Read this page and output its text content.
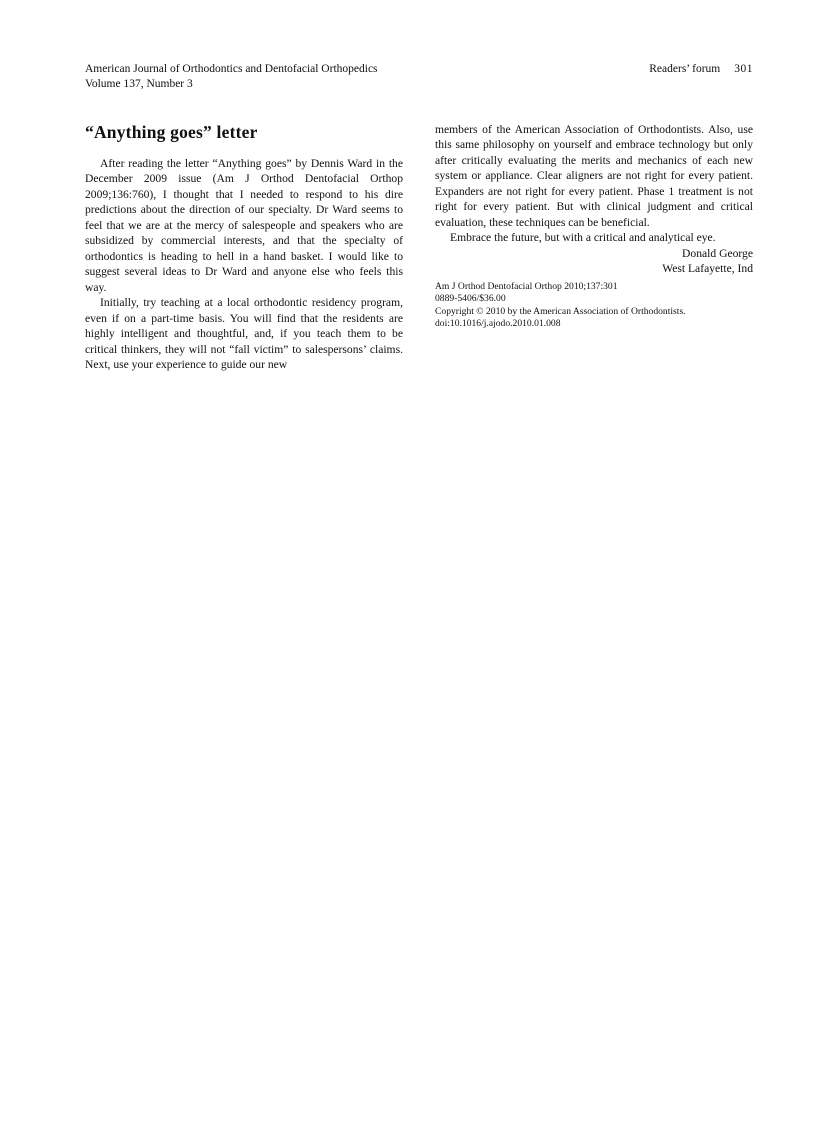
American Journal of Orthodontics and Dentofacial Orthopedics
Volume 137, Number 3
Readers’ forum 301
“Anything goes” letter

After reading the letter “Anything goes” by Dennis Ward in the December 2009 issue (Am J Orthod Dentofacial Orthop 2009;136:760), I thought that I needed to respond to his dire predictions about the direction of our specialty. Dr Ward seems to feel that we are at the mercy of salespeople and speakers who are subsidized by commercial interests, and that the specialty of orthodontics is heading to hell in a hand basket. I would like to suggest several ideas to Dr Ward and anyone else who feels this way.

Initially, try teaching at a local orthodontic residency program, even if on a part-time basis. You will find that the residents are highly intelligent and thoughtful, and, if you teach them to be critical thinkers, they will not “fall victim” to salespersons’ claims. Next, use your experience to guide our new

members of the American Association of Orthodontists. Also, use this same philosophy on yourself and embrace technology but only after critically evaluating the merits and mechanics of each new system or appliance. Clear aligners are not right for every patient. Expanders are not right for every patient. Phase 1 treatment is not right for every patient. But with clinical judgment and critical evaluation, these techniques can be beneficial.

Embrace the future, but with a critical and analytical eye.

Donald George
West Lafayette, Ind
Am J Orthod Dentofacial Orthop 2010;137:301
0889-5406/$36.00
Copyright © 2010 by the American Association of Orthodontists.
doi:10.1016/j.ajodo.2010.01.008
